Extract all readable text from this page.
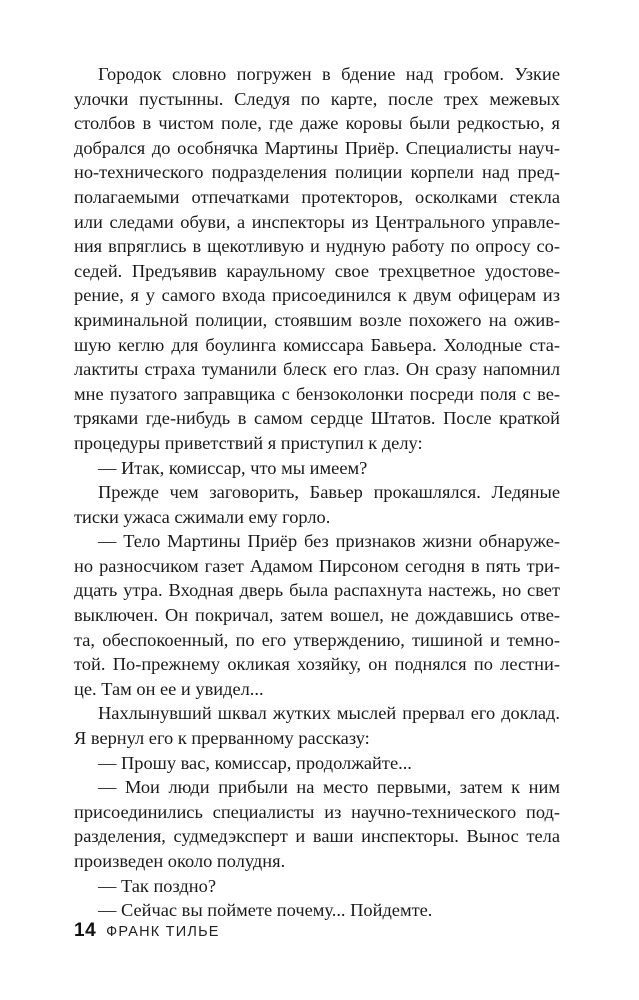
Городок словно погружен в бдение над гробом. Узкие
улочки пустынны. Следуя по карте, после трех межевых
столбов в чистом поле, где даже коровы были редкостью, я
добрался до особнячка Мартины Приёр. Специалисты науч-
но-технического подразделения полиции корпели над пред-
полагаемыми отпечатками протекторов, осколками стекла
или следами обуви, а инспекторы из Центрального управле-
ния впряглись в щекотливую и нудную работу по опросу со-
седей. Предъявив караульному свое трехцветное удостове-
рение, я у самого входа присоединился к двум офицерам из
криминальной полиции, стоявшим возле похожего на ожив-
шую кеглю для боулинга комиссара Бавьера. Холодные ста-
лактиты страха туманили блеск его глаз. Он сразу напомнил
мне пузатого заправщика с бензоколонки посреди поля с ве-
тряками где-нибудь в самом сердце Штатов. После краткой
процедуры приветствий я приступил к делу:
— Итак, комиссар, что мы имеем?
Прежде чем заговорить, Бавьер прокашлялся. Ледяные
тиски ужаса сжимали ему горло.
— Тело Мартины Приёр без признаков жизни обнаруже-
но разносчиком газет Адамом Пирсоном сегодня в пять три-
дцать утра. Входная дверь была распахнута настежь, но свет
выключен. Он покричал, затем вошел, не дождавшись отве-
та, обеспокоенный, по его утверждению, тишиной и темно-
той. По-прежнему окликая хозяйку, он поднялся по лестни-
це. Там он ее и увидел...
Нахлынувший шквал жутких мыслей прервал его доклад.
Я вернул его к прерванному рассказу:
— Прошу вас, комиссар, продолжайте...
— Мои люди прибыли на место первыми, затем к ним
присоединились специалисты из научно-технического под-
разделения, судмедэксперт и ваши инспекторы. Вынос тела
произведен около полудня.
— Так поздно?
— Сейчас вы поймете почему... Пойдемте.
14 ФРАНК ТИЛЬЕ
